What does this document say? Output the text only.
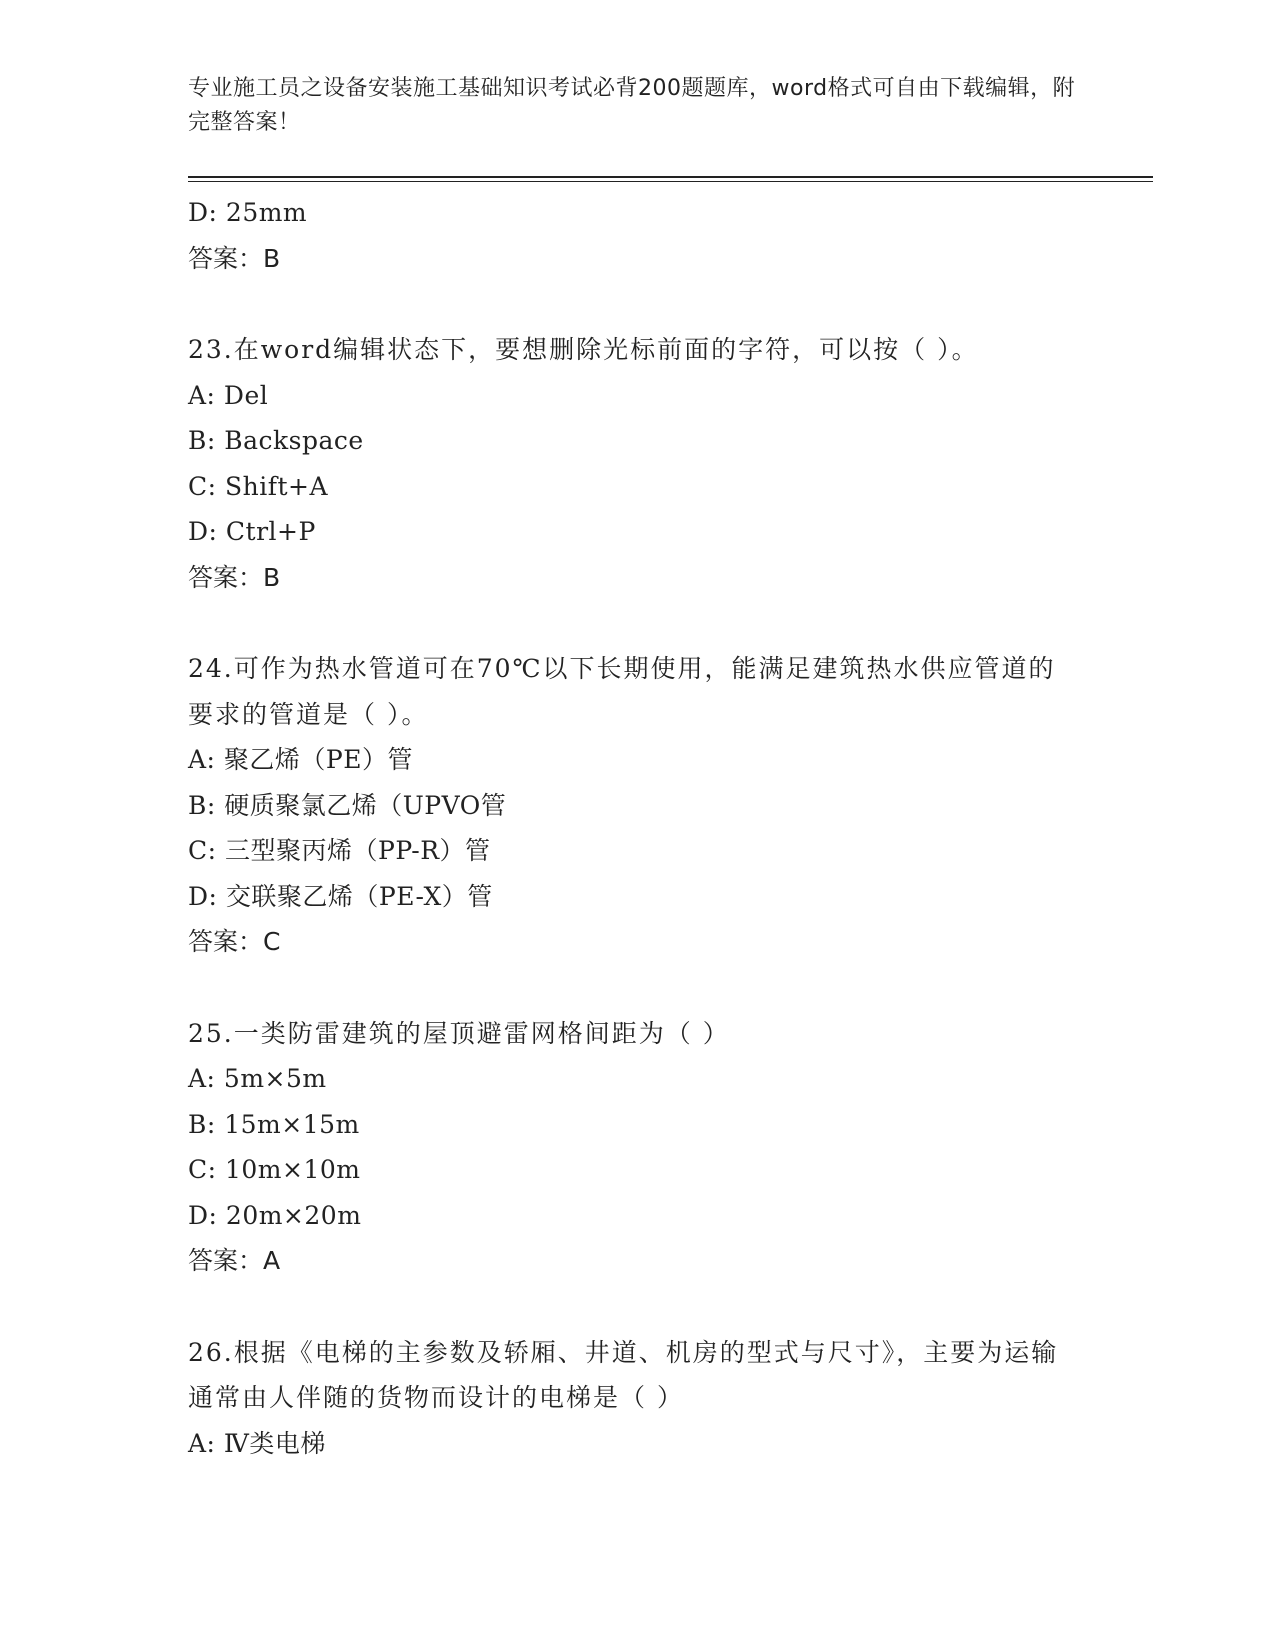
专业施工员之设备安装施工基础知识考试必背200题题库，word格式可自由下载编辑，附完整答案！
D: 25mm
答案：B
23.在word编辑状态下，要想删除光标前面的字符，可以按（ ）。
A: Del
B: Backspace
C: Shift+A
D: Ctrl+P
答案：B
24.可作为热水管道可在70℃以下长期使用，能满足建筑热水供应管道的要求的管道是（ ）。
A: 聚乙烯（PE）管
B: 硬质聚氯乙烯（UPVO管
C: 三型聚丙烯（PP-R）管
D: 交联聚乙烯（PE-X）管
答案：C
25.一类防雷建筑的屋顶避雷网格间距为（ ）
A: 5m×5m
B: 15m×15m
C: 10m×10m
D: 20m×20m
答案：A
26.根据《电梯的主参数及轿厢、井道、机房的型式与尺寸》，主要为运输通常由人伴随的货物而设计的电梯是（ ）
A: Ⅳ类电梯
